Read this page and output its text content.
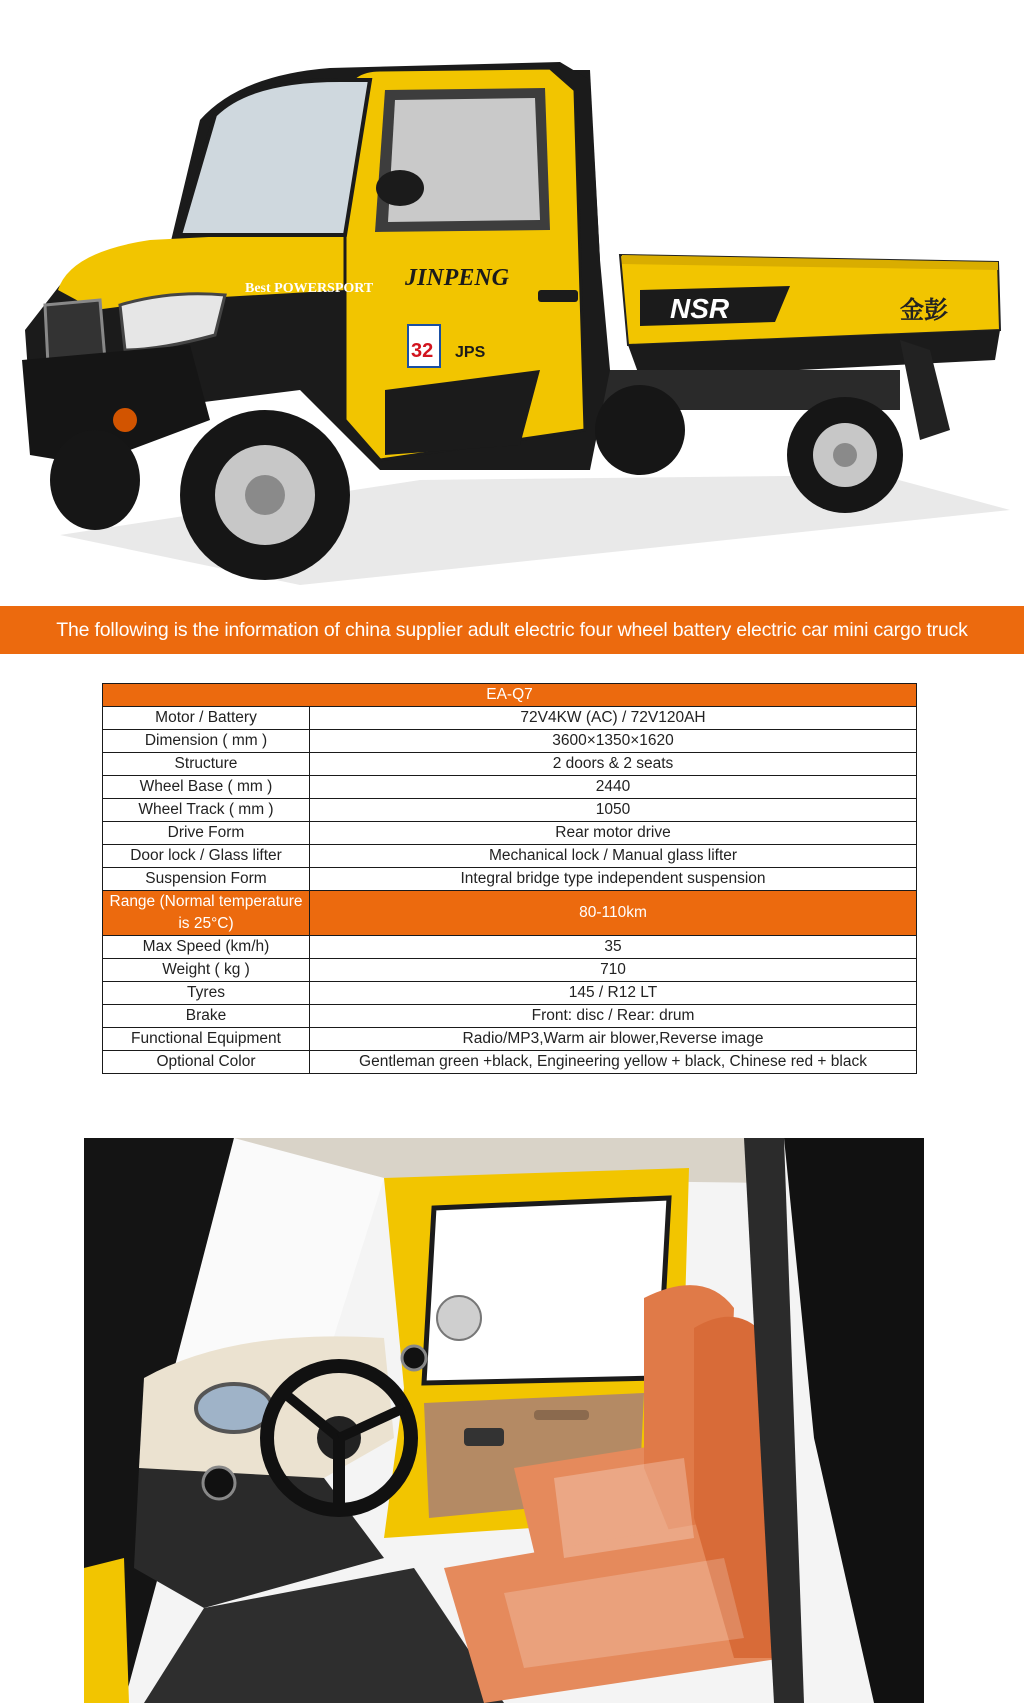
NSR	金彭
JINPENG
32 JPS
Best POWERSPORT
The following is the information of china supplier adult electric four wheel battery electric car mini cargo truck
EA-Q7	
Motor / Battery	72V4KW (AC) / 72V120AH
Dimension ( mm )	3600×1350×1620
Structure	2 doors & 2 seats
Wheel Base ( mm )	2440
Wheel Track ( mm )	1050
Drive Form	Rear motor drive
Door lock / Glass lifter	Mechanical lock / Manual glass lifter
Suspension Form	Integral bridge type independent suspension
Range (Normal temperature is 25°C)	80-110km
Max Speed (km/h)	35
Weight ( kg )	710
Tyres	145 / R12 LT
Brake	Front: disc / Rear: drum
Functional Equipment	Radio/MP3,Warm air blower,Reverse image
Optional Color	Gentleman green +black, Engineering yellow + black, Chinese red + black
